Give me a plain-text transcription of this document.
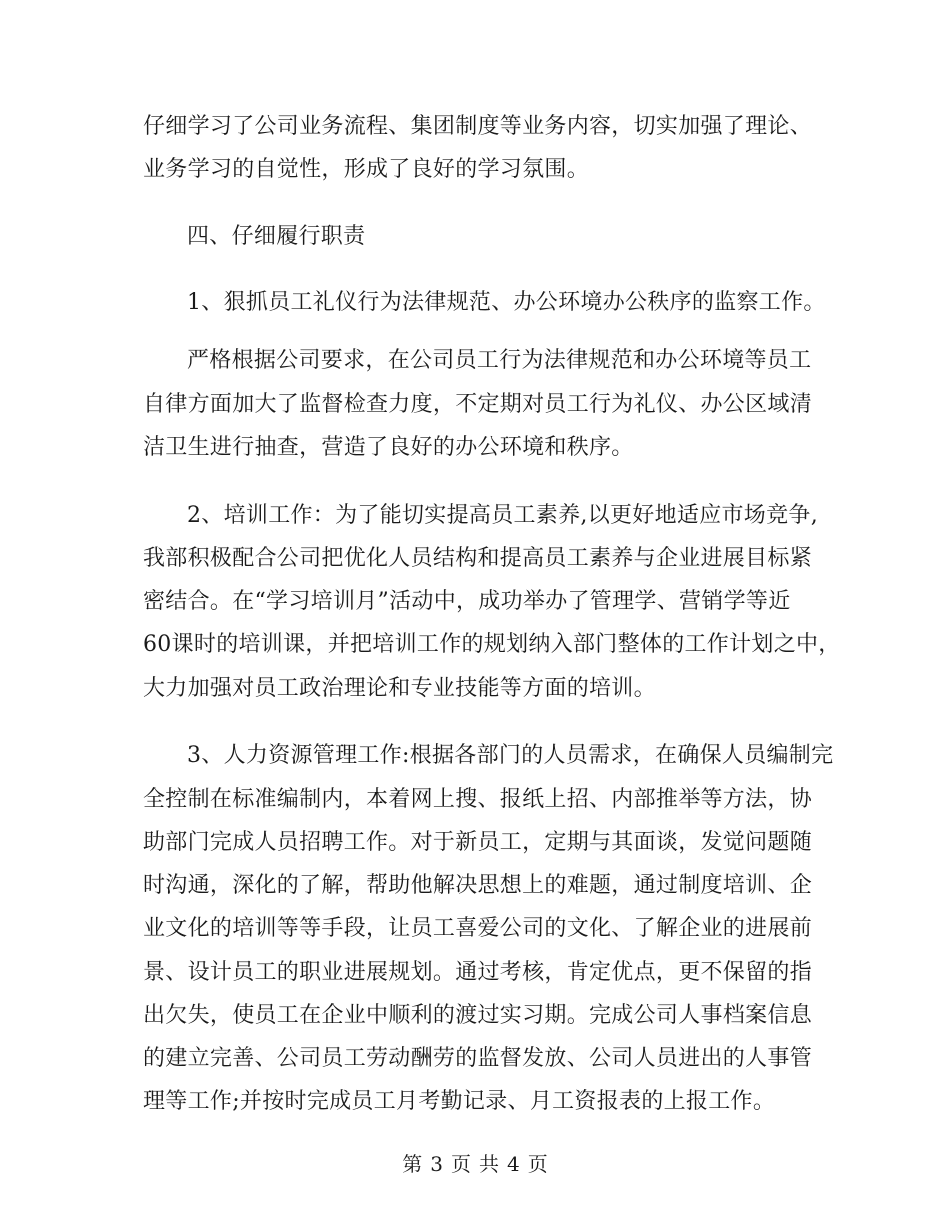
仔细学习了公司业务流程、集团制度等业务内容，切实加强了理论、
业务学习的自觉性，形成了良好的学习氛围。
四、仔细履行职责
1、狠抓员工礼仪行为法律规范、办公环境办公秩序的监察工作。
严格根据公司要求，在公司员工行为法律规范和办公环境等员工
自律方面加大了监督检查力度，不定期对员工行为礼仪、办公区域清
洁卫生进行抽查，营造了良好的办公环境和秩序。
2、培训工作：为了能切实提高员工素养,以更好地适应市场竞争,
我部积极配合公司把优化人员结构和提高员工素养与企业进展目标紧
密结合。在“学习培训月”活动中，成功举办了管理学、营销学等近
60课时的培训课，并把培训工作的规划纳入部门整体的工作计划之中，
大力加强对员工政治理论和专业技能等方面的培训。
3、人力资源管理工作:根据各部门的人员需求，在确保人员编制完
全控制在标准编制内，本着网上搜、报纸上招、内部推举等方法，协
助部门完成人员招聘工作。对于新员工，定期与其面谈，发觉问题随
时沟通，深化的了解，帮助他解决思想上的难题，通过制度培训、企
业文化的培训等等手段，让员工喜爱公司的文化、了解企业的进展前
景、设计员工的职业进展规划。通过考核，肯定优点，更不保留的指
出欠失，使员工在企业中顺利的渡过实习期。完成公司人事档案信息
的建立完善、公司员工劳动酬劳的监督发放、公司人员进出的人事管
理等工作;并按时完成员工月考勤记录、月工资报表的上报工作。
第 3 页 共 4 页
